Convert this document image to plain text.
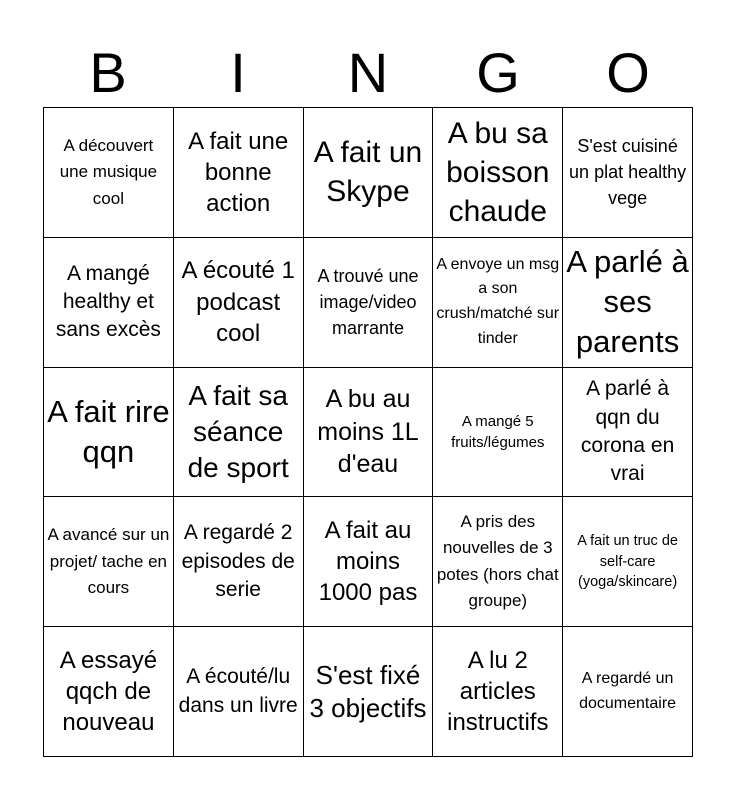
B	I	N	G	O
A découvert une musique cool
A fait une bonne action
A fait un Skype
A bu sa boisson chaude
S'est cuisiné un plat healthy vege
A mangé healthy et sans excès
A écouté 1 podcast cool
A trouvé une image/video marrante
A envoye un msg a son crush/matché sur tinder
A parlé à ses parents
A fait rire qqn
A fait sa séance de sport
A bu au moins 1L d'eau
A mangé 5 fruits/légumes
A parlé à qqn du corona en vrai
A avancé sur un projet/ tache en cours
A regardé 2 episodes de serie
A fait au moins 1000 pas
A pris des nouvelles de 3 potes (hors chat groupe)
A fait un truc de self-care (yoga/skincare)
A essayé qqch de nouveau
A écouté/lu dans un livre
S'est fixé 3 objectifs
A lu 2 articles instructifs
A regardé un documentaire
